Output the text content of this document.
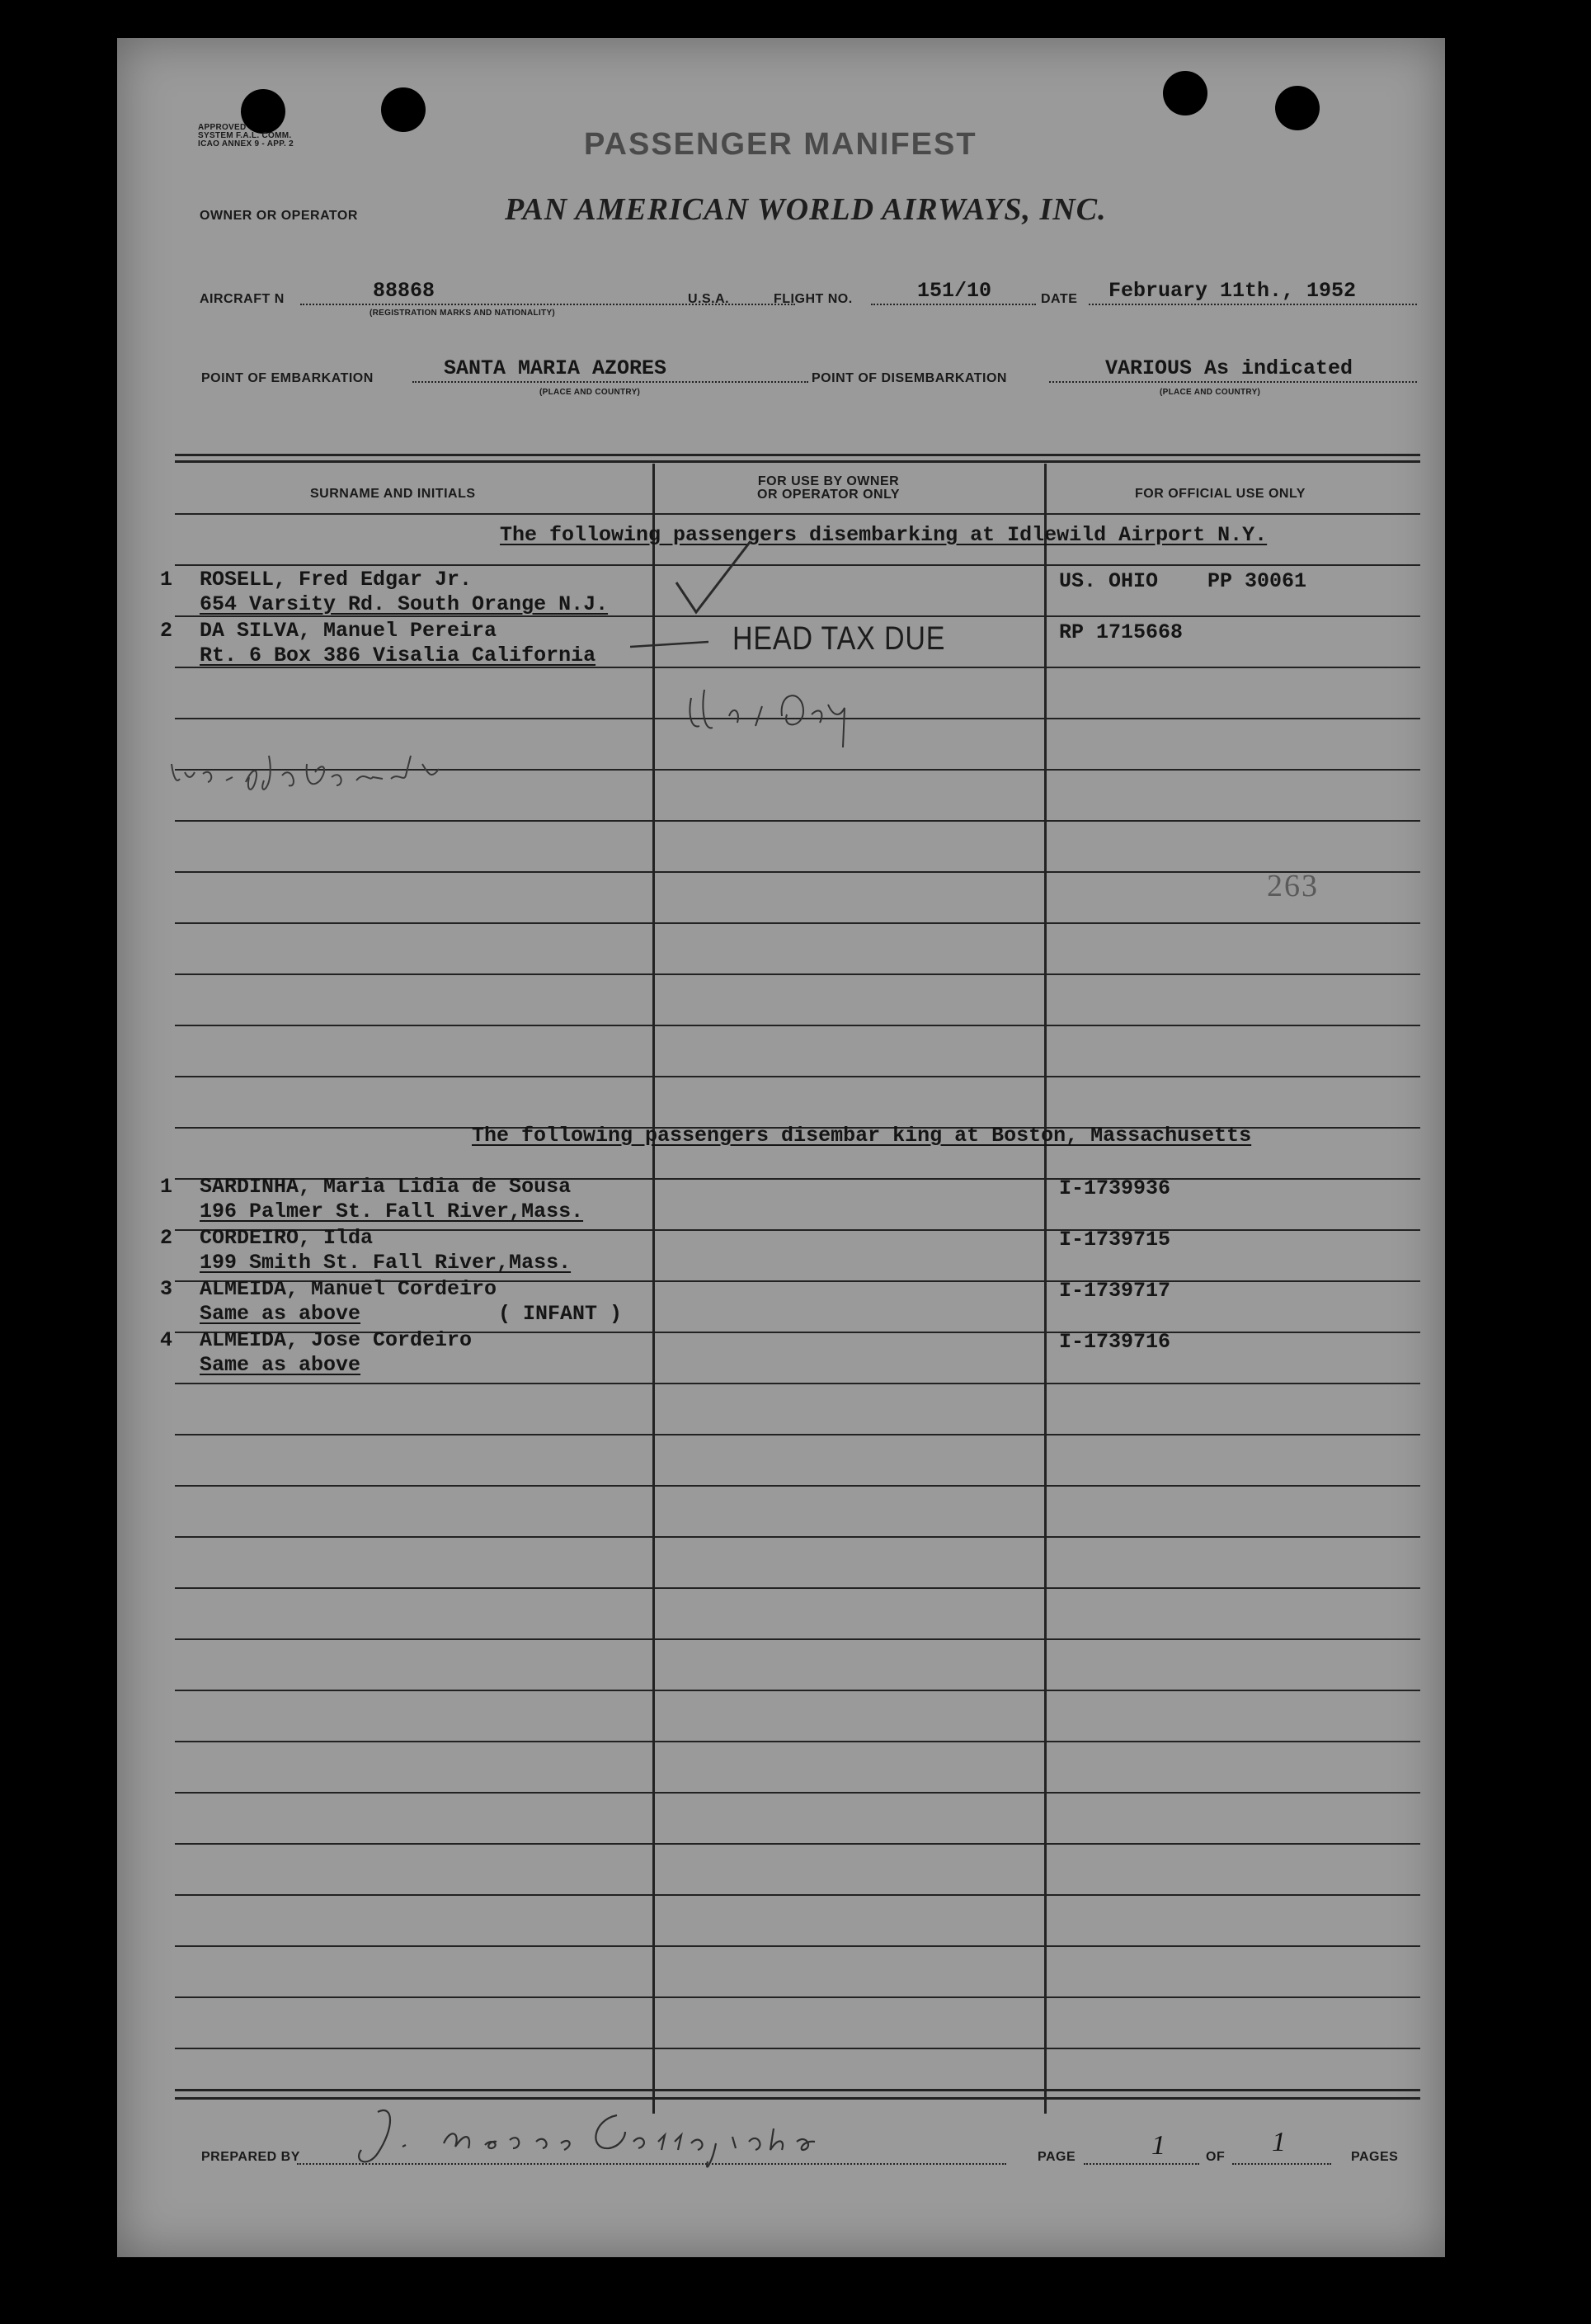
APPROVED
SYSTEM F.A.L. COMM.
ICAO ANNEX 9 - APP. 2	PASSENGER MANIFEST
OWNER OR OPERATOR	PAN AMERICAN WORLD AIRWAYS, INC.
AIRCRAFT N	88868
(REGISTRATION MARKS AND NATIONALITY)
U.S.A.	FLIGHT NO.	151/10	DATE February 11th., 1952
POINT OF EMBARKATION	SANTA MARIA AZORES
(PLACE AND COUNTRY)
POINT OF DISEMBARKATION	VARIOUS As indicated
(PLACE AND COUNTRY)
SURNAME AND INITIALS
FOR USE BY OWNER
OR OPERATOR ONLY	FOR OFFICIAL USE ONLY
The following passengers disembarking at Idlewild Airport N.Y.
1 ROSELL, Fred Edgar Jr.
654 Varsity Rd. South Orange N.J.
US. OHIO    PP 30061
2 DA SILVA, Manuel Pereira
Rt. 6 Box 386 Visalia California
RP 1715668
HEAD TAX DUE
263
The following passengers disembar king at Boston, Massachusetts
1 SARDINHA, Maria Lidia de Sousa
196 Palmer St. Fall River,Mass.
I-1739936
2 CORDEIRO, Ilda
199 Smith St. Fall River,Mass.
I-1739715
3 ALMEIDA, Manuel Cordeiro
Same as above	( INFANT )
I-1739717
4 ALMEIDA, Jose Cordeiro
Same as above
I-1739716
PREPARED BY	PAGE	1	OF 1	PAGES
